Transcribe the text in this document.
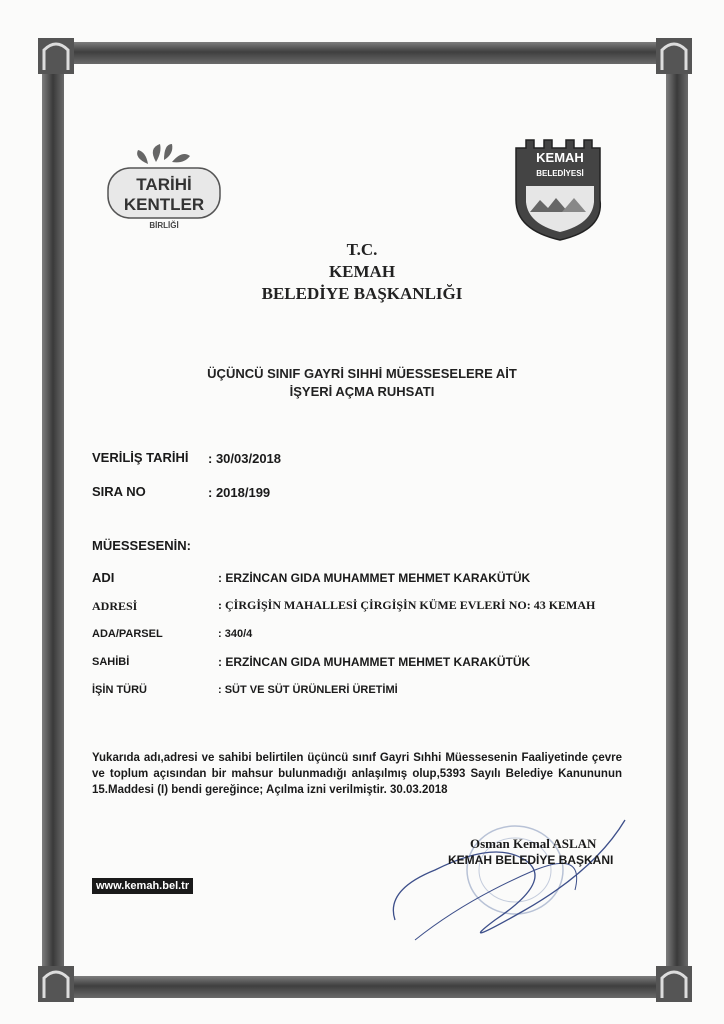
TARİHİ
KENTLER
BİRLİĞİ
KEMAH
BELEDİYESİ
T.C.
KEMAH
BELEDİYE BAŞKANLIĞI
ÜÇÜNCÜ SINIF GAYRİ SIHHİ MÜESSESELERE AİT
İŞYERİ AÇMA RUHSATI
VERİLİŞ TARİHİ : 30/03/2018
SIRA NO	: 2018/199
MÜESSESENİN:
ADI	: ERZİNCAN GIDA MUHAMMET MEHMET KARAKÜTÜK
ADRESİ	: ÇİRGİŞİN MAHALLESİ ÇİRGİŞİN KÜME EVLERİ NO: 43 KEMAH
ADA/PARSEL	: 340/4
SAHİBİ	: ERZİNCAN GIDA MUHAMMET MEHMET KARAKÜTÜK
İŞİN TÜRÜ	: SÜT VE SÜT ÜRÜNLERİ ÜRETİMİ
Yukarıda adı,adresi ve sahibi belirtilen üçüncü sınıf Gayri Sıhhi Müessesenin Faaliyetinde çevre ve toplum açısından bir mahsur bulunmadığı anlaşılmış olup,5393 Sayılı Belediye Kanununun 15.Maddesi (I) bendi gereğince; Açılma izni verilmiştir. 30.03.2018
Osman Kemal ASLAN
KEMAH BELEDİYE BAŞKANI
www.kemah.bel.tr
